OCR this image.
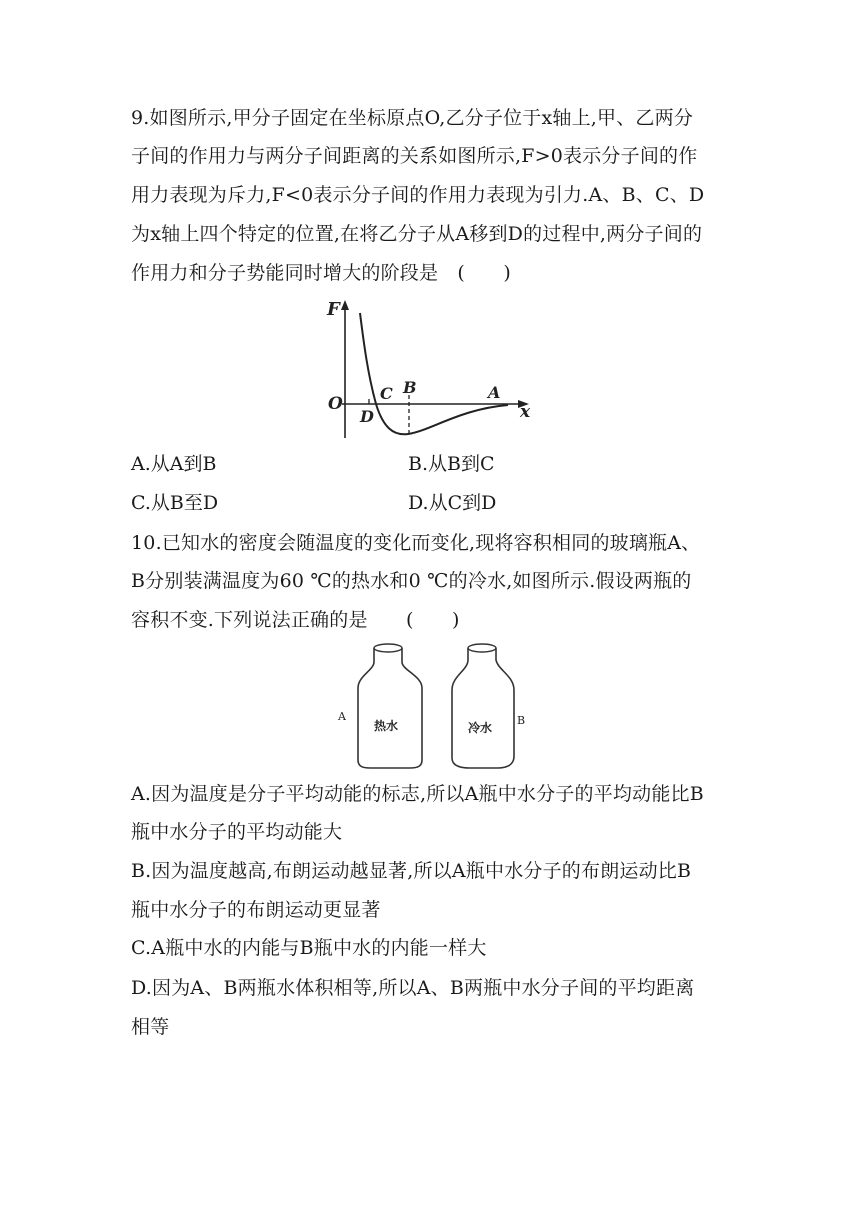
9.如图所示,甲分子固定在坐标原点O,乙分子位于x轴上,甲、乙两分
子间的作用力与两分子间距离的关系如图所示,F>0表示分子间的作
用力表现为斥力,F<0表示分子间的作用力表现为引力.A、B、C、D
为x轴上四个特定的位置,在将乙分子从A移到D的过程中,两分子间的
作用力和分子势能同时增大的阶段是　(　　)
F
O	x
C B	A
D
A.从A到B	B.从B到C
C.从B至D	D.从C到D
10.已知水的密度会随温度的变化而变化,现将容积相同的玻璃瓶A、
B分别装满温度为60 ℃的热水和0 ℃的冷水,如图所示.假设两瓶的
容积不变.下列说法正确的是　　(　　)
A
热水	冷水
B
A.因为温度是分子平均动能的标志,所以A瓶中水分子的平均动能比B
瓶中水分子的平均动能大
B.因为温度越高,布朗运动越显著,所以A瓶中水分子的布朗运动比B
瓶中水分子的布朗运动更显著
C.A瓶中水的内能与B瓶中水的内能一样大
D.因为A、B两瓶水体积相等,所以A、B两瓶中水分子间的平均距离
相等
